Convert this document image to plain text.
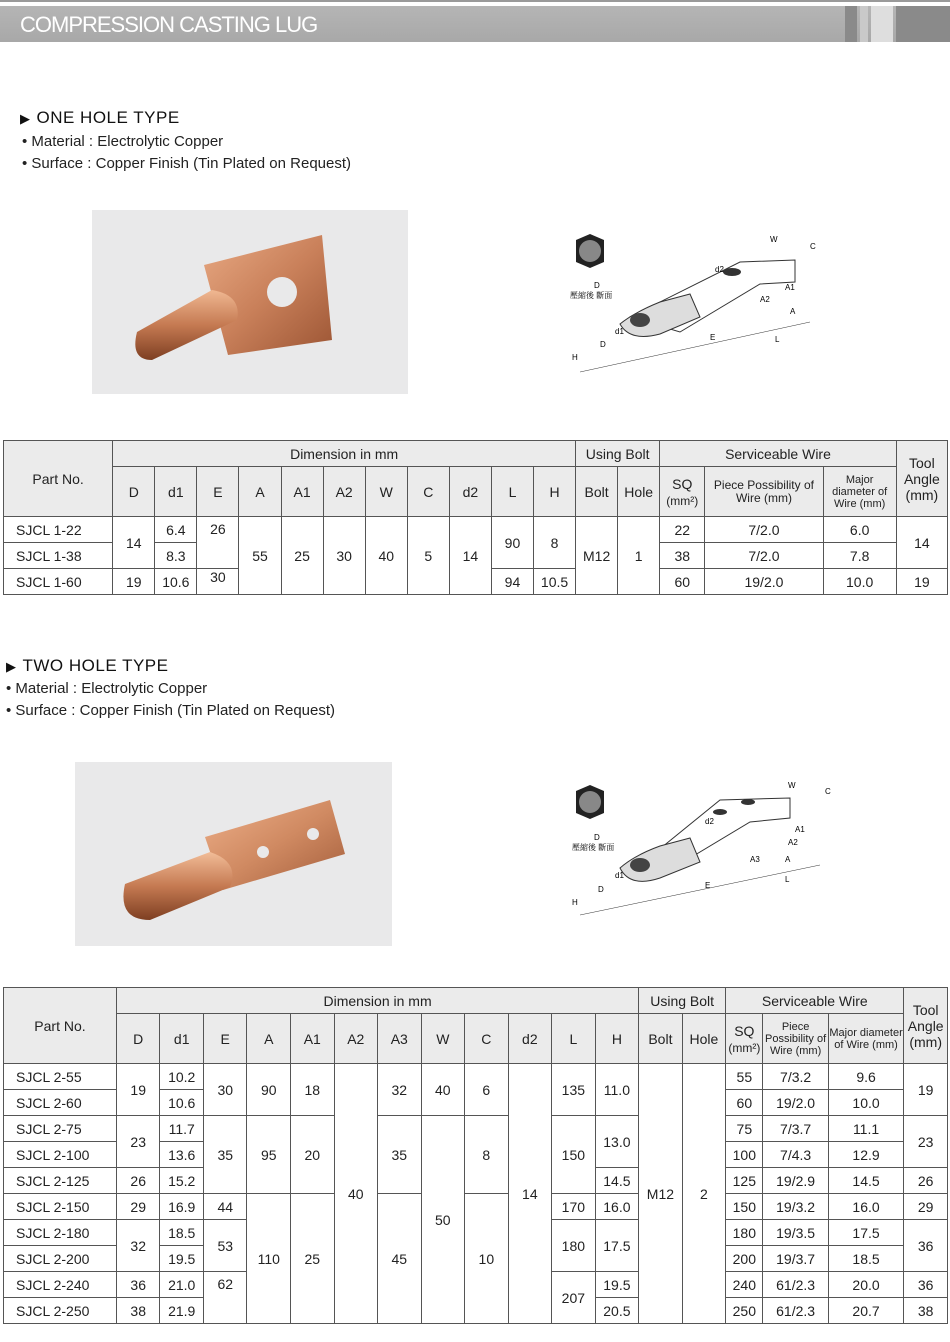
COMPRESSION CASTING LUG
▶ ONE HOLE TYPE
• Material : Electrolytic Copper
• Surface : Copper Finish (Tin Plated on Request)
壓縮後 斷面
W
C
d2
A1
A2
A
L
E
d1
D
H
D
Part No.	Dimension in mm											Using Bolt		Serviceable Wire			Tool Angle (mm)
	D	d1	E	A	A1	A2	W	C	d2	L	H	Bolt	Hole	SQ
(mm²)	Piece Possibility of Wire (mm)	Major diameter of Wire (mm)	
SJCL 1-22	14	6.4	26	55	25	30	40	5	14	90	8	M12	1	22	7/2.0	6.0	14
SJCL 1-38		8.3												38	7/2.0	7.8	
SJCL 1-60	19	10.6	30							94	10.5			60	19/2.0	10.0	19
▶ TWO HOLE TYPE
• Material : Electrolytic Copper
• Surface : Copper Finish (Tin Plated on Request)
壓縮後 斷面
W
C
d2
A1
A2
A3	A
L
E
d1
D
H
D
Part No.	Dimension in mm												Using Bolt		Serviceable Wire			Tool Angle (mm)
	D	d1	E	A	A1	A2	A3	W	C	d2	L	H	Bolt	Hole	SQ
(mm²)	Piece Possibility of Wire (mm)	Major diameter of Wire (mm)	
SJCL 2-55	19	10.2	30	90	18	40	32	40	6	14	135	11.0	M12	2	55	7/3.2	9.6	19
SJCL 2-60		10.6													60	19/2.0	10.0	
SJCL 2-75	23	11.7	35	95	20		35	50	8		150	13.0			75	7/3.7	11.1	23
SJCL 2-100		13.6													100	7/4.3	12.9	
SJCL 2-125	26	15.2										14.5			125	19/2.9	14.5	26
SJCL 2-150	29	16.9	44	110	25		45		10		170	16.0			150	19/3.2	16.0	29
SJCL 2-180	32	18.5	53								180	17.5			180	19/3.5	17.5	36
SJCL 2-200		19.5													200	19/3.7	18.5	
SJCL 2-240	36	21.0	62								207	19.5			240	61/2.3	20.0	36
SJCL 2-250	38	21.9										20.5			250	61/2.3	20.7	38
